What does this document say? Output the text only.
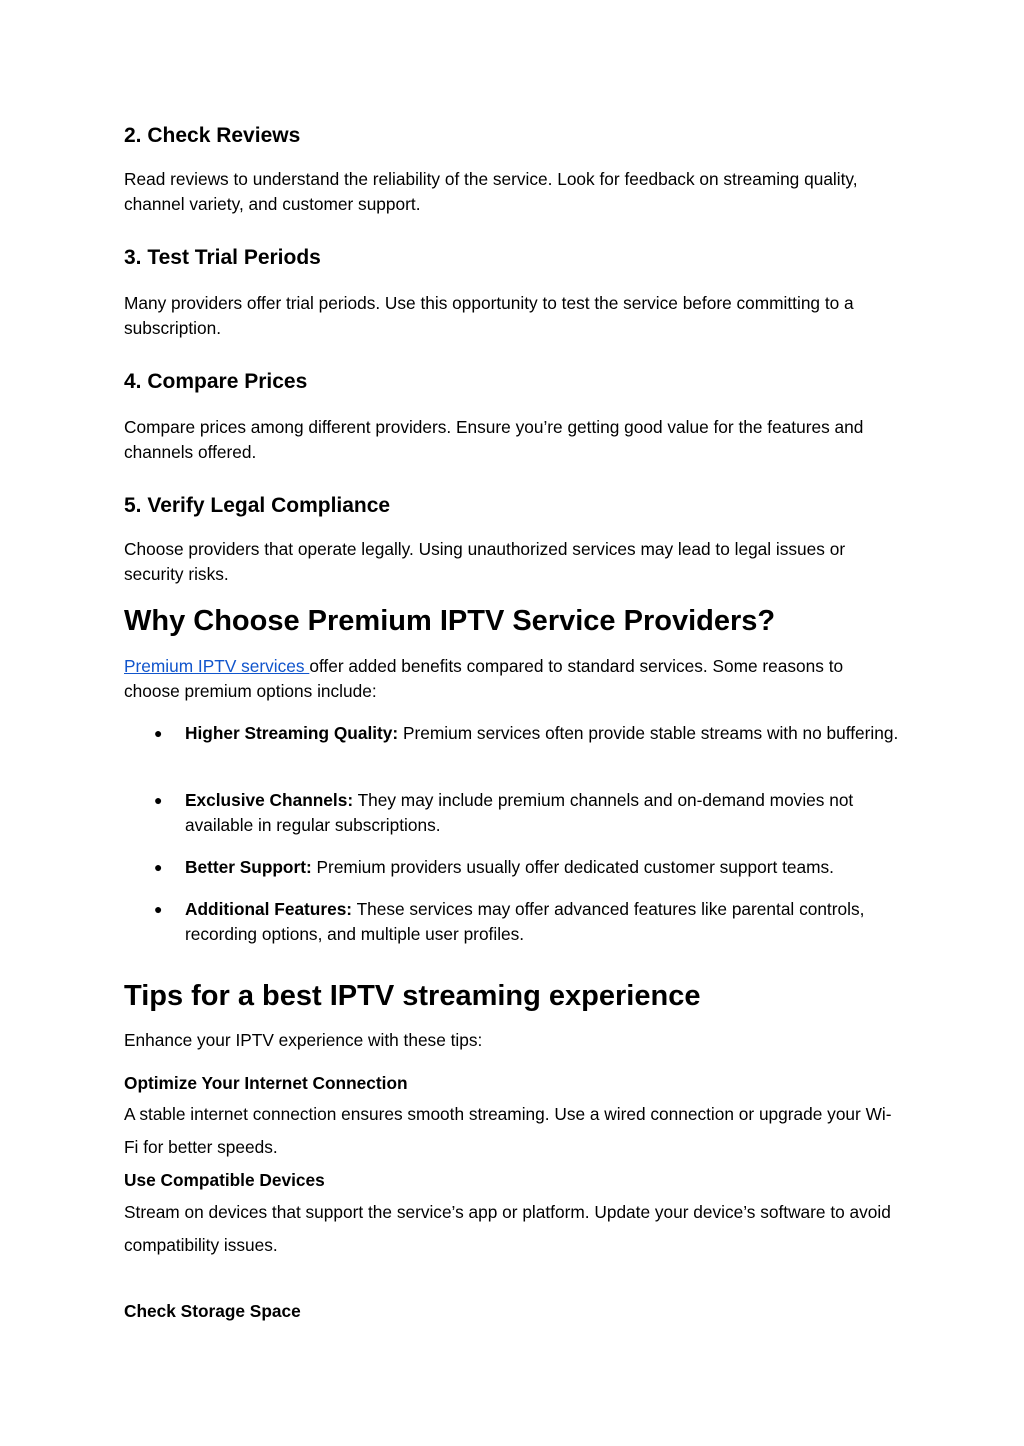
2. Check Reviews
Read reviews to understand the reliability of the service. Look for feedback on streaming quality, channel variety, and customer support.
3. Test Trial Periods
Many providers offer trial periods. Use this opportunity to test the service before committing to a subscription.
4. Compare Prices
Compare prices among different providers. Ensure you’re getting good value for the features and channels offered.
5. Verify Legal Compliance
Choose providers that operate legally. Using unauthorized services may lead to legal issues or security risks.
Why Choose Premium IPTV Service Providers?
Premium IPTV services offer added benefits compared to standard services. Some reasons to choose premium options include:
● Higher Streaming Quality: Premium services often provide stable streams with no buffering.
● Exclusive Channels: They may include premium channels and on-demand movies not available in regular subscriptions.
● Better Support: Premium providers usually offer dedicated customer support teams.
● Additional Features: These services may offer advanced features like parental controls, recording options, and multiple user profiles.
Tips for a best IPTV streaming experience
Enhance your IPTV experience with these tips:
Optimize Your Internet Connection
A stable internet connection ensures smooth streaming. Use a wired connection or upgrade your Wi-Fi for better speeds.
Use Compatible Devices
Stream on devices that support the service’s app or platform. Update your device’s software to avoid compatibility issues.
Check Storage Space
